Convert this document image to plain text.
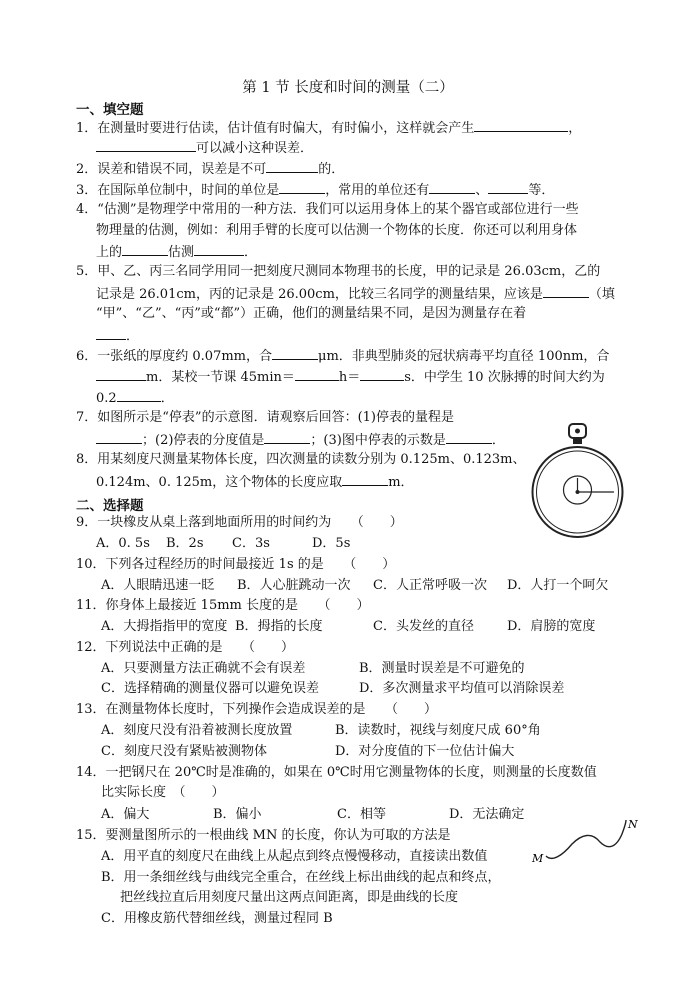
第 1 节 长度和时间的测量（二）
一、填空题
1．在测量时要进行估读，估计值有时偏大，有时偏小，这样就会产生	，
可以减小这种误差．
2．误差和错误不同，误差是不可	的．
3．在国际单位制中，时间的单位是	，常用的单位还有	、	等．
4．“估测”是物理学中常用的一种方法．我们可以运用身体上的某个器官或部位进行一些
物理量的估测，例如：利用手臂的长度可以估测一个物体的长度．你还可以利用身体
上的	估测	．
5．甲、乙、丙三名同学用同一把刻度尺测同本物理书的长度，甲的记录是 26.03cm，乙的
记录是 26.01cm，丙的记录是 26.00cm，比较三名同学的测量结果，应该是	（填
“甲”、“乙”、“丙”或“都”）正确，他们的测量结果不同，是因为测量存在着
．
6．一张纸的厚度约 0.07mm，合	μm．非典型肺炎的冠状病毒平均直径 100nm，合
m．某校一节课 45min＝	h＝	s．中学生 10 次脉搏的时间大约为
0.2	．
7．如图所示是“停表”的示意图．请观察后回答：(1)停表的量程是
；(2)停表的分度值是	；(3)图中停表的示数是	．
8．用某刻度尺测量某物体长度，四次测量的读数分别为 0.125m、0.123m、
0.124m、0. 125m，这个物体的长度应取	m．
二、选择题
9．一块橡皮从桌上落到地面所用的时间约为　　（　　）
A．0. 5s B．2s C．3s	D．5s
10．下列各过程经历的时间最接近 1s 的是　　（　　）
A．人眼睛迅速一眨 B．人心脏跳动一次 C．人正常呼吸一次 D．人打一个呵欠
11．你身体上最接近 15mm 长度的是　　（　　）
A．大拇指指甲的宽度 B．拇指的长度	C．头发丝的直径	D．肩膀的宽度
12．下列说法中正确的是　　（　　）
A．只要测量方法正确就不会有误差	B．测量时误差是不可避免的
C．选择精确的测量仪器可以避免误差	D．多次测量求平均值可以消除误差
13．在测量物体长度时，下列操作会造成误差的是　　（　　）
A．刻度尺没有沿着被测长度放置	B．读数时，视线与刻度尺成 60°角
C．刻度尺没有紧贴被测物体	D．对分度值的下一位估计偏大
14．一把钢尺在 20℃时是准确的，如果在 0℃时用它测量物体的长度，则测量的长度数值
比实际长度　（　　）
A．偏大	B．偏小	C．相等	D．无法确定
15．要测量图所示的一根曲线 MN 的长度，你认为可取的方法是
A．用平直的刻度尺在曲线上从起点到终点慢慢移动，直接读出数值
B．用一条细丝线与曲线完全重合，在丝线上标出曲线的起点和终点，
把丝线拉直后用刻度尺量出这两点间距离，即是曲线的长度
C．用橡皮筋代替细丝线，测量过程同 B
M
N
